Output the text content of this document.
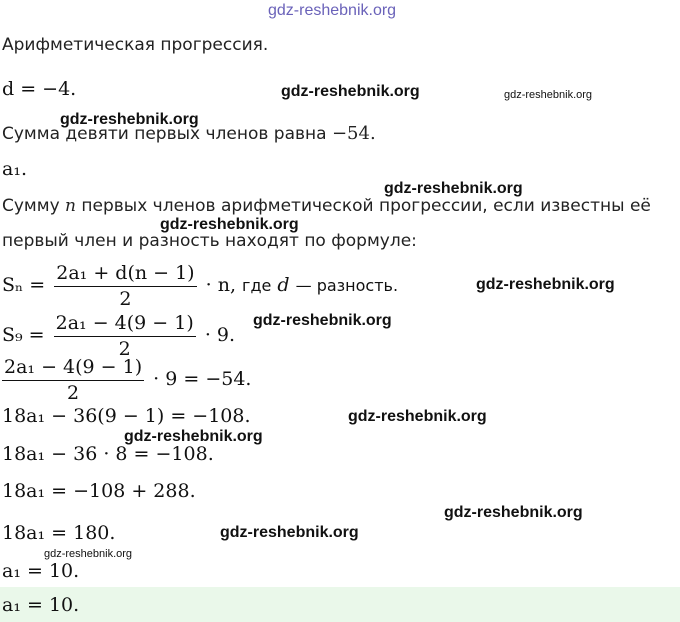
gdz-reshebnik.org
Арифметическая прогрессия.
d = −4.
Сумма девяти первых членов равна −54.
a₁.
Сумму n первых членов арифметической прогрессии, если известны её
первый член и разность находят по формуле:
$S_n = \frac{\text{2a₁ + d(n − 1)}}{2} \cdot n$, где d — разность.
$S_9 = \frac{\text{2a₁ − 4(9 − 1)}}{2} \cdot 9$.
$\frac{\text{2a₁ − 4(9 − 1)}}{2} \cdot 9 = -54$.
18a₁ − 36(9 − 1) = −108.
18a₁ − 36 · 8 = −108.
18a₁ = −108 + 288.
18a₁ = 180.
a₁ = 10.
a₁ = 10.
gdz-reshebnik.org	gdz-reshebnik.org
gdz-reshebnik.org
gdz-reshebnik.org
gdz-reshebnik.org
gdz-reshebnik.org
gdz-reshebnik.org
gdz-reshebnik.org
gdz-reshebnik.org
gdz-reshebnik.org
gdz-reshebnik.org
gdz-reshebnik.org
